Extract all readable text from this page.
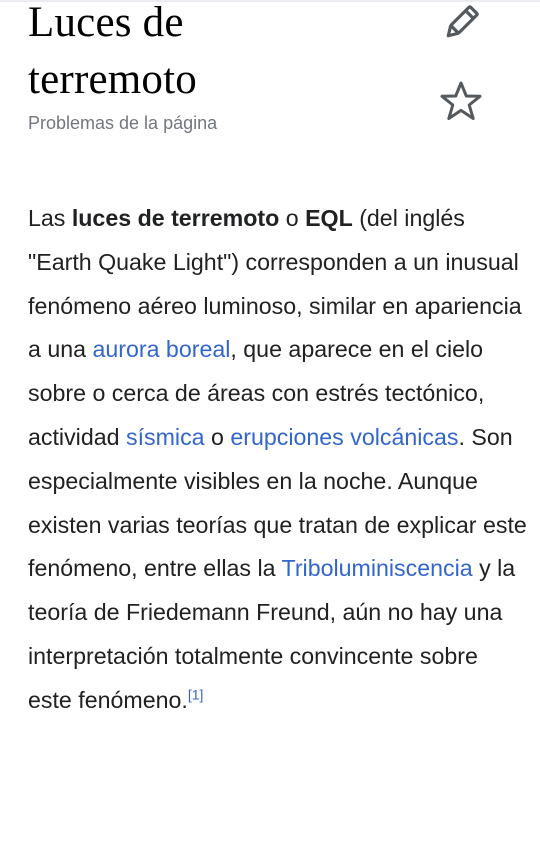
Luces de
terremoto
Problemas de la página

Las luces de terremoto o EQL (del inglés "Earth Quake Light") corresponden a un inusual fenómeno aéreo luminoso, similar en apariencia a una aurora boreal, que aparece en el cielo sobre o cerca de áreas con estrés tectónico, actividad sísmica o erupciones volcánicas. Son especialmente visibles en la noche. Aunque existen varias teorías que tratan de explicar este fenómeno, entre ellas la Triboluminiscencia y la teoría de Friedemann Freund, aún no hay una interpretación totalmente convincente sobre este fenómeno.[1]
